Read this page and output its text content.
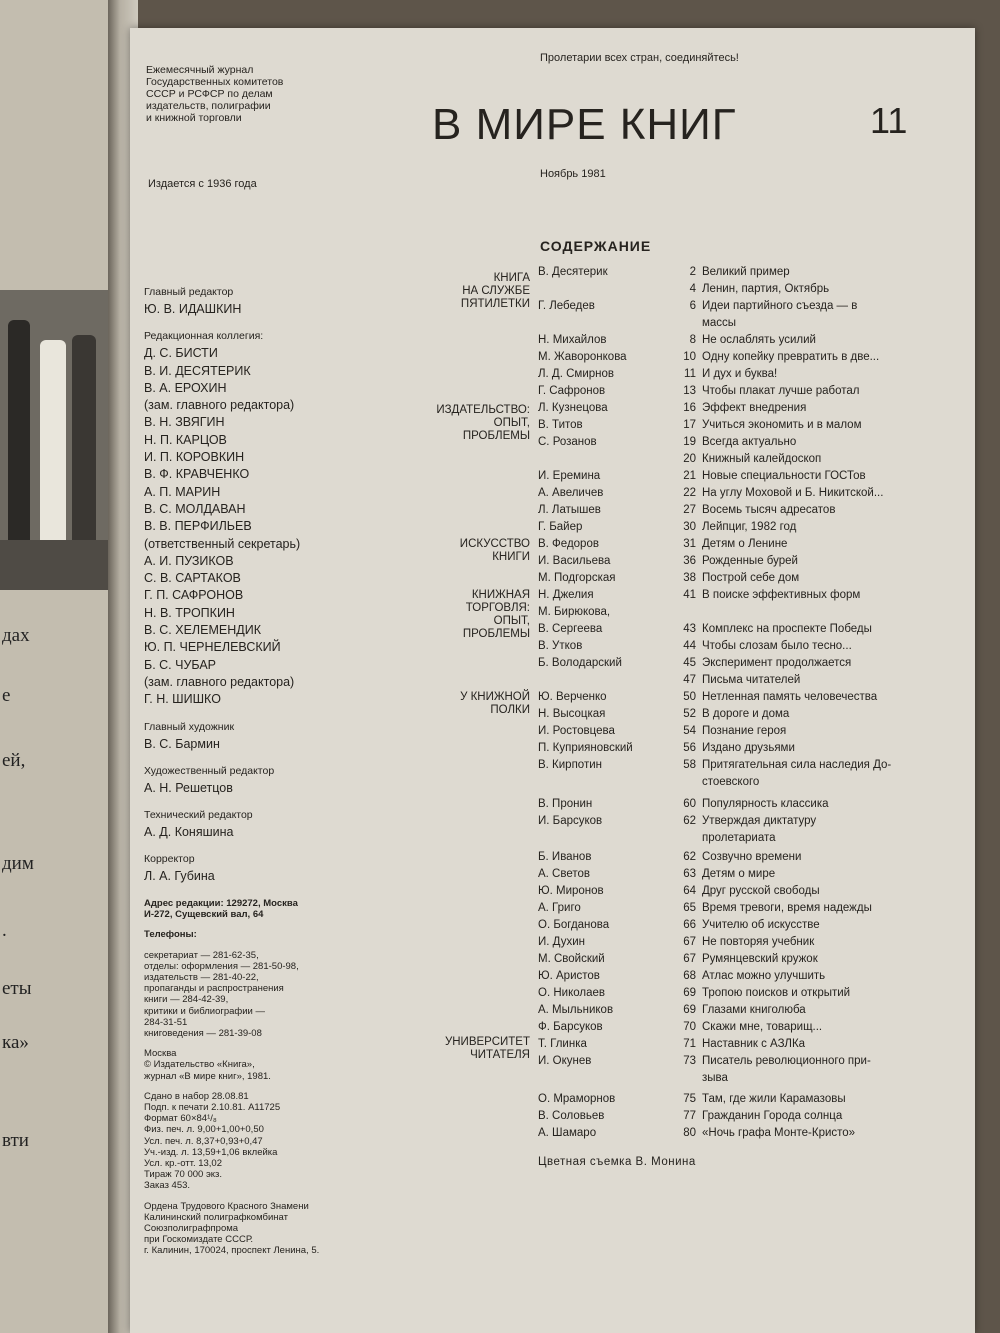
дах
е
ей,
дим
.
еты
ка»
вти
Ежемесячный журнал
Государственных комитетов
СССР и РСФСР по делам
издательств, полиграфии
и книжной торговли
Издается с 1936 года
Пролетарии всех стран, соединяйтесь!
В МИРЕ КНИГ	11
Ноябрь 1981
СОДЕРЖАНИЕ
Главный редактор
Ю. В. ИДАШКИН
Редакционная коллегия:
Д. С. БИСТИ
В. И. ДЕСЯТЕРИК
В. А. ЕРОХИН
(зам. главного редактора)
В. Н. ЗВЯГИН
Н. П. КАРЦОВ
И. П. КОРОВКИН
В. Ф. КРАВЧЕНКО
А. П. МАРИН
В. С. МОЛДАВАН
В. В. ПЕРФИЛЬЕВ
(ответственный секретарь)
А. И. ПУЗИКОВ
С. В. САРТАКОВ
Г. П. САФРОНОВ
Н. В. ТРОПКИН
В. С. ХЕЛЕМЕНДИК
Ю. П. ЧЕРНЕЛЕВСКИЙ
Б. С. ЧУБАР
(зам. главного редактора)
Г. Н. ШИШКО
Главный художник
В. С. Бармин
Художественный редактор
А. Н. Решетцов
Технический редактор
А. Д. Коняшина
Корректор
Л. А. Губина
Адрес редакции: 129272, Москва
И-272, Сущевский вал, 64
Телефоны:
секретариат — 281-62-35,
отделы: оформления — 281-50-98,
издательств — 281-40-22,
пропаганды и распространения
книги — 284-42-39,
критики и библиографии —
284-31-51
книговедения — 281-39-08
Москва
© Издательство «Книга»,
журнал «В мире книг», 1981.
Сдано в набор 28.08.81
Подп. к печати 2.10.81. А11725
Формат 60×84¹/₈
Физ. печ. л. 9,00+1,00+0,50
Усл. печ. л. 8,37+0,93+0,47
Уч.-изд. л. 13,59+1,06 вклейка
Усл. кр.-отт. 13,02
Тираж 70 000 экз.
Заказ 453.
Ордена Трудового Красного Знамени
Калининский полиграфкомбинат
Союзполиграфпрома
при Госкомиздате СССР.
г. Калинин, 170024, проспект Ленина, 5.
В. Десятерик	2 Великий пример
4 Ленин, партия, Октябрь
Г. Лебедев	6 Идеи партийного съезда — в
массы
Н. Михайлов	8 Не ослаблять усилий
М. Жаворонкова	10 Одну копейку превратить в две...
Л. Д. Смирнов	11 И дух и буква!
Г. Сафронов	13 Чтобы плакат лучше работал
Л. Кузнецова	16 Эффект внедрения
В. Титов	17 Учиться экономить и в малом
С. Розанов	19 Всегда актуально
20 Книжный калейдоскоп
И. Еремина	21 Новые специальности ГОСТов
А. Авеличев	22 На углу Моховой и Б. Никитской...
Л. Латышев	27 Восемь тысяч адресатов
Г. Байер	30 Лейпциг, 1982 год
В. Федоров	31 Детям о Ленине
И. Васильева	36 Рожденные бурей
М. Подгорская	38 Построй себе дом
Н. Джелия	41 В поиске эффективных форм
М. Бирюкова,
В. Сергеева	43 Комплекс на проспекте Победы
В. Утков	44 Чтобы слозам было тесно...
Б. Володарский	45 Эксперимент продолжается
47 Письма читателей
Ю. Верченко	50 Нетленная память человечества
Н. Высоцкая	52 В дороге и дома
И. Ростовцева	54 Познание героя
П. Куприяновский	56 Издано друзьями
В. Кирпотин	58 Притягательная сила наследия До-
стоевского
В. Пронин	60 Популярность классика
И. Барсуков	62 Утверждая диктатуру
пролетариата
Б. Иванов	62 Созвучно времени
А. Светов	63 Детям о мире
Ю. Миронов	64 Друг русской свободы
А. Григо	65 Время тревоги, время надежды
О. Богданова	66 Учителю об искусстве
И. Духин	67 Не повторяя учебник
М. Свойский	67 Румянцевский кружок
Ю. Аристов	68 Атлас можно улучшить
О. Николаев	69 Тропою поисков и открытий
А. Мыльников	69 Глазами книголюба
Ф. Барсуков	70 Скажи мне, товарищ...
Т. Глинка	71 Наставник с АЗЛКа
И. Окунев	73 Писатель революционного при-
зыва
О. Мраморнов	75 Там, где жили Карамазовы
В. Соловьев	77 Гражданин Города солнца
А. Шамаро	80 «Ночь графа Монте-Кристо»
КНИГА
НА СЛУЖБЕ
ПЯТИЛЕТКИ
ИЗДАТЕЛЬСТВО:
ОПЫТ,
ПРОБЛЕМЫ
ИСКУССТВО
КНИГИ
КНИЖНАЯ
ТОРГОВЛЯ:
ОПЫТ,
ПРОБЛЕМЫ
У КНИЖНОЙ
ПОЛКИ
УНИВЕРСИТЕТ
ЧИТАТЕЛЯ
Цветная съемка В. Монина
